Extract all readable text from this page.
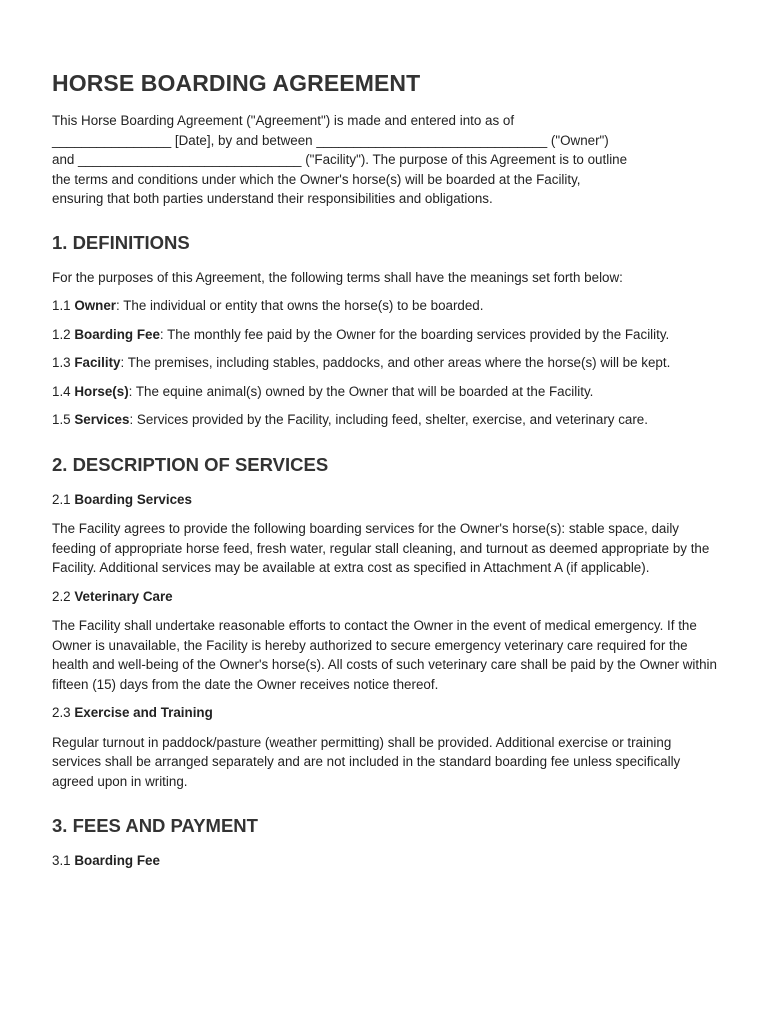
HORSE BOARDING AGREEMENT

This Horse Boarding Agreement ("Agreement") is made and entered into as of
________________ [Date], by and between _______________________________ ("Owner")
and ______________________________ ("Facility"). The purpose of this Agreement is to outline
the terms and conditions under which the Owner's horse(s) will be boarded at the Facility,
ensuring that both parties understand their responsibilities and obligations.

1. DEFINITIONS

For the purposes of this Agreement, the following terms shall have the meanings set forth below:

1.1 Owner: The individual or entity that owns the horse(s) to be boarded.

1.2 Boarding Fee: The monthly fee paid by the Owner for the boarding services provided by the Facility.

1.3 Facility: The premises, including stables, paddocks, and other areas where the horse(s) will be kept.

1.4 Horse(s): The equine animal(s) owned by the Owner that will be boarded at the Facility.

1.5 Services: Services provided by the Facility, including feed, shelter, exercise, and veterinary care.

2. DESCRIPTION OF SERVICES

2.1 Boarding Services

The Facility agrees to provide the following boarding services for the Owner's horse(s): stable space, daily feeding of appropriate horse feed, fresh water, regular stall cleaning, and turnout as deemed appropriate by the Facility. Additional services may be available at extra cost as specified in Attachment A (if applicable).

2.2 Veterinary Care

The Facility shall undertake reasonable efforts to contact the Owner in the event of medical emergency. If the Owner is unavailable, the Facility is hereby authorized to secure emergency veterinary care required for the health and well-being of the Owner's horse(s). All costs of such veterinary care shall be paid by the Owner within fifteen (15) days from the date the Owner receives notice thereof.

2.3 Exercise and Training

Regular turnout in paddock/pasture (weather permitting) shall be provided. Additional exercise or training services shall be arranged separately and are not included in the standard boarding fee unless specifically agreed upon in writing.

3. FEES AND PAYMENT

3.1 Boarding Fee
